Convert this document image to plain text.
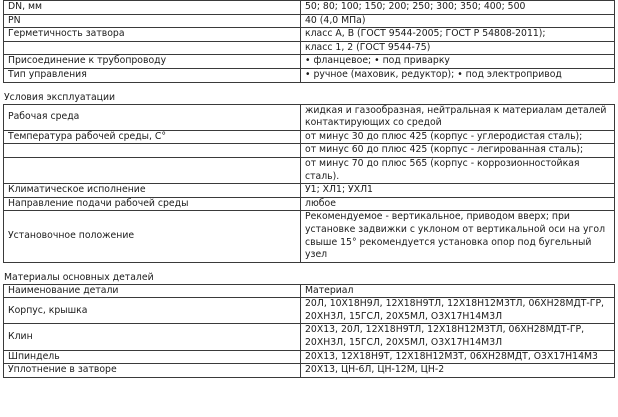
DN, мм	50; 80; 100; 150; 200; 250; 300; 350; 400; 500
PN	40 (4,0 МПа)
Герметичность затвора	класс А, В (ГОСТ 9544-2005; ГОСТ Р 54808-2011);
	класс 1, 2 (ГОСТ 9544-75)
Присоединение к трубопроводу	• фланцевое; • под приварку
Тип управления	• ручное (маховик, редуктор); • под электропривод
Условия эксплуатации
Рабочая среда	жидкая и газообразная, нейтральная к материалам деталей контактирующих со средой
Температура рабочей среды, С°	от минус 30 до плюс 425 (корпус - углеродистая сталь);
	от минус 60 до плюс 425 (корпус - легированная сталь);
	от минус 70 до плюс 565 (корпус - коррозионностойкая сталь).
Климатическое исполнение	У1; ХЛ1; УХЛ1
Направление подачи рабочей среды	любое
Установочное положение	Рекомендуемое - вертикальное, приводом вверх; при установке задвижки с уклоном от вертикальной оси на угол свыше 15° рекомендуется установка опор под бугельный узел
Материалы основных деталей
Наименование детали	Материал
Корпус, крышка	20Л, 10Х18Н9Л, 12Х18Н9ТЛ, 12Х18Н12М3ТЛ, 06ХН28МДТ-ГР, 20ХН3Л, 15ГСЛ, 20Х5МЛ, О3Х17Н14М3Л
Клин	20Х13, 20Л, 12Х18Н9ТЛ, 12Х18Н12М3ТЛ, 06ХН28МДТ-ГР, 20ХН3Л, 15ГСЛ, 20Х5МЛ, О3Х17Н14М3Л
Шпиндель	20Х13, 12Х18Н9Т, 12Х18Н12М3Т, 06ХН28МДТ, О3Х17Н14М3
Уплотнение в затворе	20Х13, ЦН-6Л, ЦН-12М, ЦН-2
